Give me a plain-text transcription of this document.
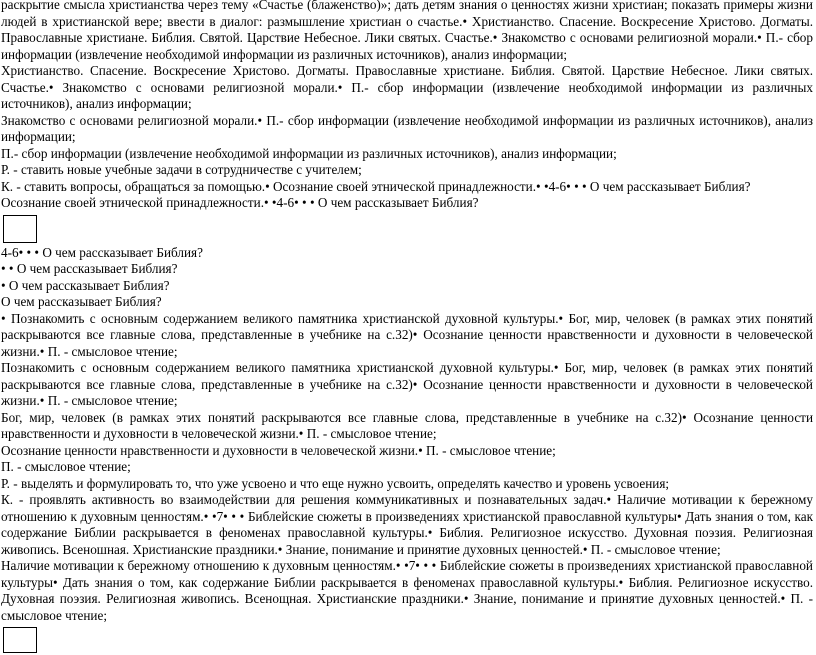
раскрытие смысла христианства через тему «Счастье (блаженство)»; дать детям знания о ценностях жизни христиан; показать примеры жизни людей в христианской вере; ввести в диалог: размышление христиан о счастье.• Христианство. Спасение. Воскресение Христово. Догматы. Православные христиане. Библия. Святой. Царствие Небесное. Лики святых. Счастье.• Знакомство с основами религиозной морали.• П.- сбор информации (извлечение необходимой информации из различных источников), анализ информации;

Христианство. Спасение. Воскресение Христово. Догматы. Православные христиане. Библия. Святой. Царствие Небесное. Лики святых. Счастье.• Знакомство с основами религиозной морали.• П.- сбор информации (извлечение необходимой информации из различных источников), анализ информации;

Знакомство с основами религиозной морали.• П.- сбор информации (извлечение необходимой информации из различных источников), анализ информации;

П.- сбор информации (извлечение необходимой информации из различных источников), анализ информации;

Р. - ставить новые учебные задачи в сотрудничестве с учителем;

К. - ставить вопросы, обращаться за помощью.• Осознание своей этнической принадлежности.• •4-6• • • О чем рассказывает Библия?

Осознание своей этнической принадлежности.• •4-6• • • О чем рассказывает Библия?

4-6• • • О чем рассказывает Библия?

• • О чем рассказывает Библия?

• О чем рассказывает Библия?

О чем рассказывает Библия?

• Познакомить с основным содержанием великого памятника христианской духовной культуры.• Бог, мир, человек (в рамках этих понятий раскрываются все главные слова, представленные в учебнике на с.32)• Осознание ценности нравственности и духовности в человеческой жизни.• П. - смысловое чтение;

Познакомить с основным содержанием великого памятника христианской духовной культуры.• Бог, мир, человек (в рамках этих понятий раскрываются все главные слова, представленные в учебнике на с.32)• Осознание ценности нравственности и духовности в человеческой жизни.• П. - смысловое чтение;

Бог, мир, человек (в рамках этих понятий раскрываются все главные слова, представленные в учебнике на с.32)• Осознание ценности нравственности и духовности в человеческой жизни.• П. - смысловое чтение;

Осознание ценности нравственности и духовности в человеческой жизни.• П. - смысловое чтение;

П. - смысловое чтение;

Р. - выделять и формулировать то, что уже усвоено и что еще нужно усвоить, определять качество и уровень усвоения;

К. - проявлять активность во взаимодействии для решения коммуникативных и познавательных задач.• Наличие мотивации к бережному отношению к духовным ценностям.• •7• • • Библейские сюжеты в произведениях христианской православной культуры• Дать знания о том, как содержание Библии раскрывается в феноменах православной культуры.• Библия. Религиозное искусство. Духовная поэзия. Религиозная живопись. Всеношная. Христианские праздники.• Знание, понимание и принятие духовных ценностей.• П. - смысловое чтение;

Наличие мотивации к бережному отношению к духовным ценностям.• •7• • • Библейские сюжеты в произведениях христианской православной культуры• Дать знания о том, как содержание Библии раскрывается в феноменах православной культуры.• Библия. Религиозное искусство. Духовная поэзия. Религиозная живопись. Всенощная. Христианские праздники.• Знание, понимание и принятие духовных ценностей.• П. - смысловое чтение;
